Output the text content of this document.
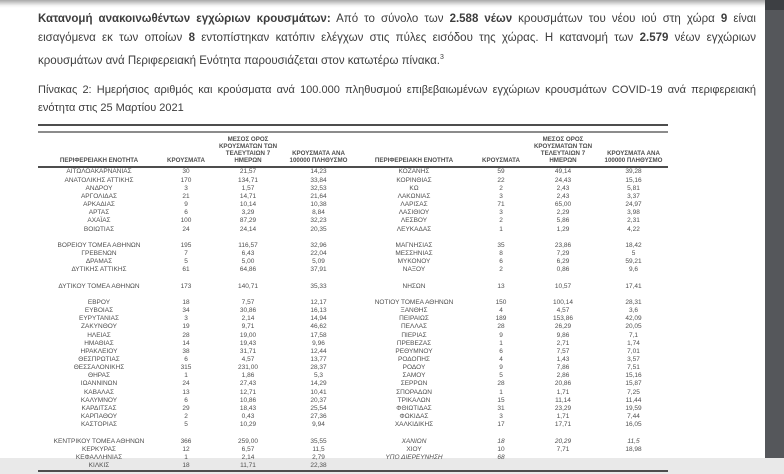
Κατανομή ανακοινωθέντων εγχώριων κρουσμάτων: Από το σύνολο των 2.588 νέων κρουσμάτων του νέου ιού στη χώρα 9 είναι εισαγόμενα εκ των οποίων 8 εντοπίστηκαν κατόπιν ελέγχων στις πύλες εισόδου της χώρας. Η κατανομή των 2.579 νέων εγχώριων κρουσμάτων ανά Περιφερειακή Ενότητα παρουσιάζεται στον κατωτέρω πίνακα.$^3$

Πίνακας 2: Ημερήσιος αριθμός και κρούσματα ανά 100.000 πληθυσμού επιβεβαιωμένων εγχώριων κρουσμάτων COVID-19 ανά περιφερειακή ενότητα στις 25 Μαρτίου 2021

ΠΕΡΙΦΕΡΕΙΑΚΗ ΕΝΟΤΗΤΑ	ΚΡΟΥΣΜΑΤΑ
ΜΕΣΟΣ ΟΡΟΣ ΚΡΟΥΣΜΑΤΩΝ ΤΩΝ ΤΕΛΕΥΤΑΙΩΝ 7 ΗΜΕΡΩΝ
ΚΡΟΥΣΜΑΤΑ ΑΝΑ 100000 ΠΛΗΘΥΣΜΟ
ΑΙΤΩΛΟΑΚΑΡΝΑΝΙΑΣ	30	21,57	14,23
ΑΝΑΤΟΛΙΚΗΣ ΑΤΤΙΚΗΣ	170	134,71	33,84
ΑΝΔΡΟΥ	3	1,57	32,53
ΑΡΓΟΛΙΔΑΣ	21	14,71	21,64
ΑΡΚΑΔΙΑΣ	9	10,14	10,38
ΑΡΤΑΣ	6	3,29	8,84
ΑΧΑΪΑΣ	100	87,29	32,23
ΒΟΙΩΤΙΑΣ	24	24,14	20,35
ΒΟΡΕΙΟΥ ΤΟΜΕΑ ΑΘΗΝΩΝ	195	116,57	32,96
ΓΡΕΒΕΝΩΝ	7	6,43	22,04
ΔΡΑΜΑΣ	5	5,00	5,09
ΔΥΤΙΚΗΣ ΑΤΤΙΚΗΣ	61	64,86	37,91
ΔΥΤΙΚΟΥ ΤΟΜΕΑ ΑΘΗΝΩΝ	173	140,71	35,33
ΕΒΡΟΥ	18	7,57	12,17
ΕΥΒΟΙΑΣ	34	30,86	16,13
ΕΥΡΥΤΑΝΙΑΣ	3	2,14	14,94
ΖΑΚΥΝΘΟΥ	19	9,71	46,62
ΗΛΕΙΑΣ	28	19,00	17,58
ΗΜΑΘΙΑΣ	14	19,43	9,96
ΗΡΑΚΛΕΙΟΥ	38	31,71	12,44
ΘΕΣΠΡΩΤΙΑΣ	6	4,57	13,77
ΘΕΣΣΑΛΟΝΙΚΗΣ	315	231,00	28,37
ΘΗΡΑΣ	1	1,86	5,3
ΙΩΑΝΝΙΝΩΝ	24	27,43	14,29
ΚΑΒΑΛΑΣ	13	12,71	10,41
ΚΑΛΥΜΝΟΥ	6	10,86	20,37
ΚΑΡΔΙΤΣΑΣ	29	18,43	25,54
ΚΑΡΠΑΘΟΥ	2	0,43	27,36
ΚΑΣΤΟΡΙΑΣ	5	10,29	9,94
ΚΕΝΤΡΙΚΟΥ ΤΟΜΕΑ ΑΘΗΝΩΝ	366	259,00	35,55
ΚΕΡΚΥΡΑΣ	12	6,57	11,5
ΚΕΦΑΛΛΗΝΙΑΣ	1	2,14	2,79
ΚΙΛΚΙΣ	18	11,71	22,38
ΠΕΡΙΦΕΡΕΙΑΚΗ ΕΝΟΤΗΤΑ	ΚΡΟΥΣΜΑΤΑ
ΜΕΣΟΣ ΟΡΟΣ ΚΡΟΥΣΜΑΤΩΝ ΤΩΝ ΤΕΛΕΥΤΑΙΩΝ 7 ΗΜΕΡΩΝ
ΚΡΟΥΣΜΑΤΑ ΑΝΑ 100000 ΠΛΗΘΥΣΜΟ
ΚΟΖΑΝΗΣ	59	49,14	39,28
ΚΟΡΙΝΘΙΑΣ	22	24,43	15,16
ΚΩ	2	2,43	5,81
ΛΑΚΩΝΙΑΣ	3	2,43	3,37
ΛΑΡΙΣΑΣ	71	65,00	24,97
ΛΑΣΙΘΙΟΥ	3	2,29	3,98
ΛΕΣΒΟΥ	2	5,86	2,31
ΛΕΥΚΑΔΑΣ	1	1,29	4,22
ΜΑΓΝΗΣΙΑΣ	35	23,86	18,42
ΜΕΣΣΗΝΙΑΣ	8	7,29	5
ΜΥΚΟΝΟΥ	6	6,29	59,21
ΝΑΞΟΥ	2	0,86	9,6
ΝΗΣΩΝ	13	10,57	17,41
ΝΟΤΙΟΥ ΤΟΜΕΑ ΑΘΗΝΩΝ	150	100,14	28,31
ΞΑΝΘΗΣ	4	4,57	3,6
ΠΕΙΡΑΙΩΣ	189	153,86	42,09
ΠΕΛΛΑΣ	28	26,29	20,05
ΠΙΕΡΙΑΣ	9	9,86	7,1
ΠΡΕΒΕΖΑΣ	1	2,71	1,74
ΡΕΘΥΜΝΟΥ	6	7,57	7,01
ΡΟΔΟΠΗΣ	4	1,43	3,57
ΡΟΔΟΥ	9	7,86	7,51
ΣΑΜΟΥ	5	2,86	15,16
ΣΕΡΡΩΝ	28	20,86	15,87
ΣΠΟΡΑΔΩΝ	1	1,71	7,25
ΤΡΙΚΑΛΩΝ	15	11,14	11,44
ΦΘΙΩΤΙΔΑΣ	31	23,29	19,59
ΦΩΚΙΔΑΣ	3	1,71	7,44
ΧΑΛΚΙΔΙΚΗΣ	17	17,71	16,05
ΧΑΝΙΩΝ	18	20,29	11,5
ΧΙΟΥ	10	7,71	18,98
ΥΠΟ ΔΙΕΡΕΥΝΗΣΗ	68
